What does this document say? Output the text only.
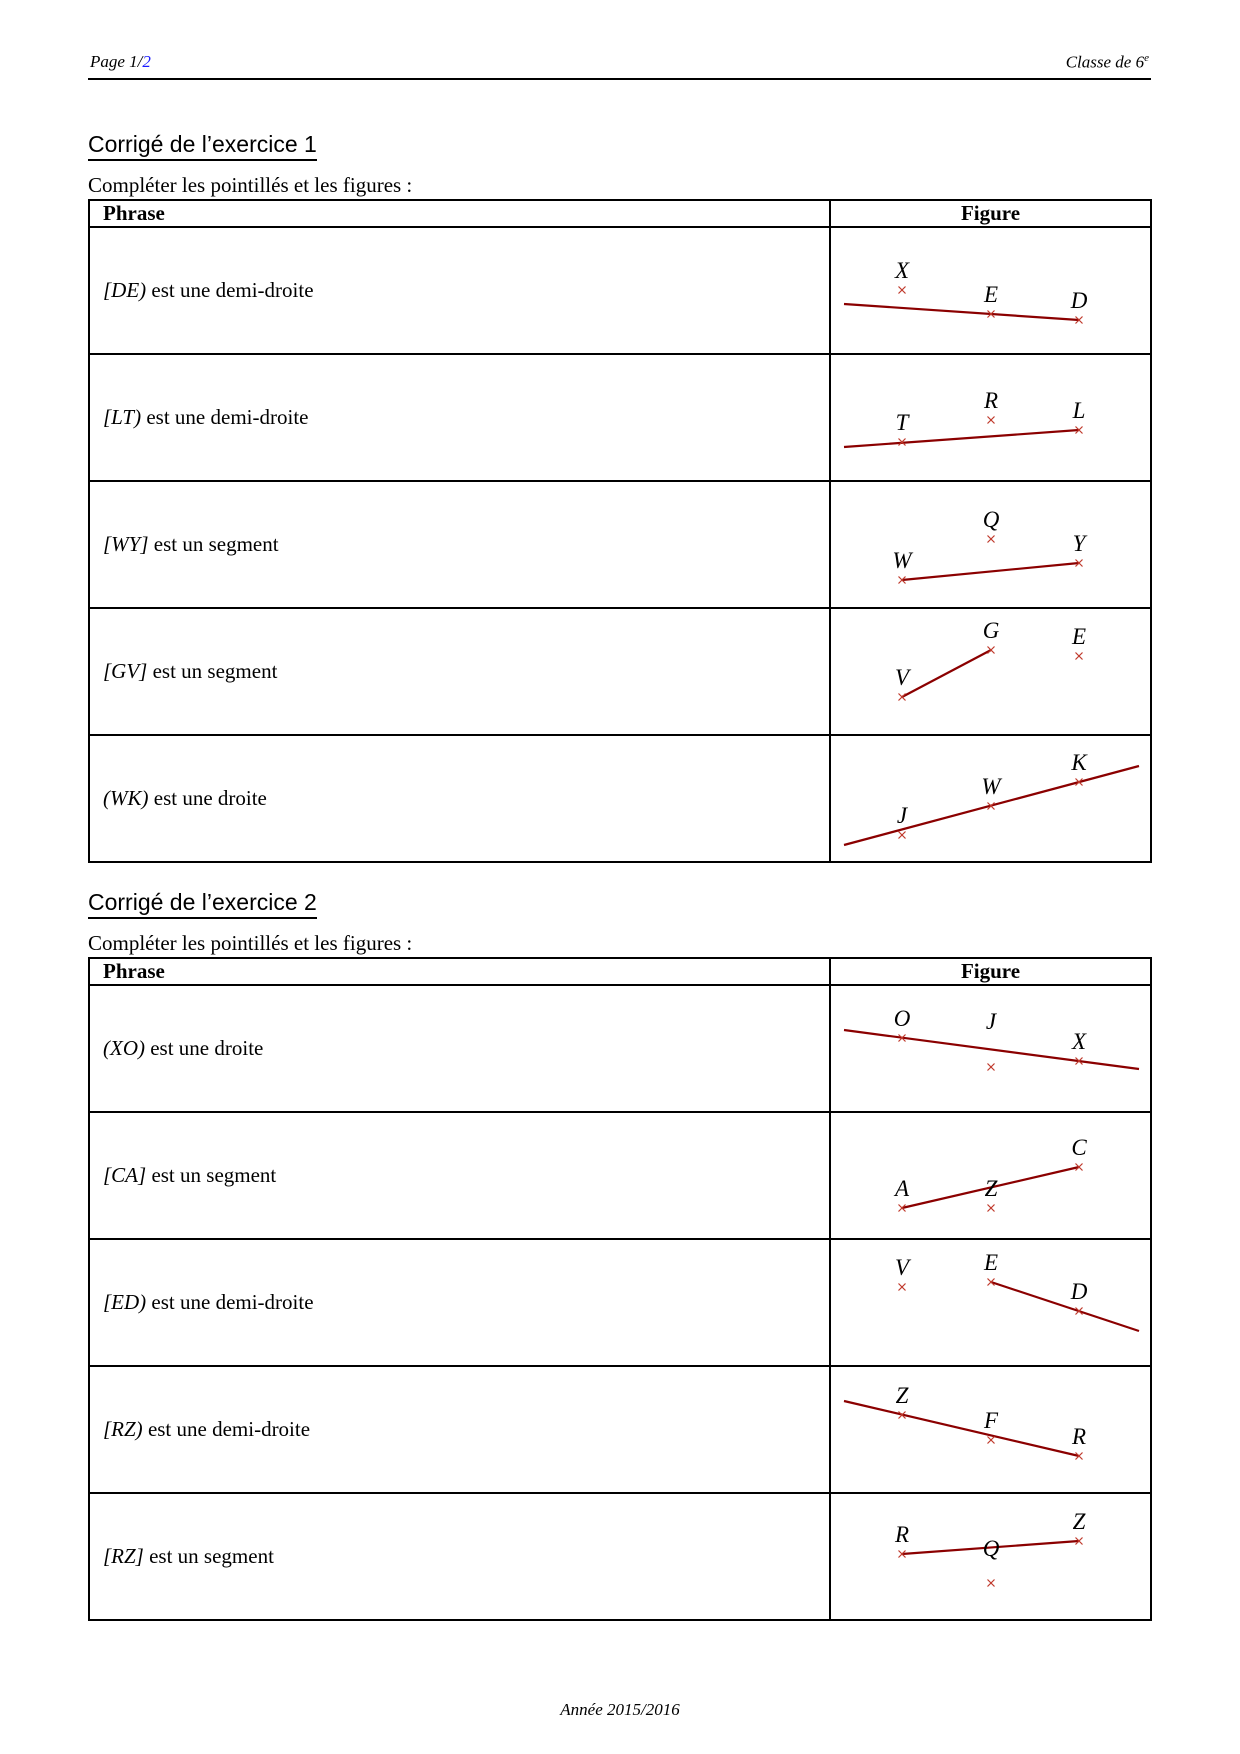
Page 1/2	Classe de 6e
Corrigé de l’exercice 1
Compléter les pointillés et les figures :
Phrase	Figure
[DE) est une demi-droite	X
E D

[LT) est une demi-droite	T
R L

[WY] est un segment	W
Q
Y

[GV] est un segment	V
G E

(WK) est une droite	J
W
K
Corrigé de l’exercice 2
Compléter les pointillés et les figures :
Phrase	Figure
(XO) est une droite	O J
X

[CA] est un segment	A Z
C

[ED) est une demi-droite	V E
D

[RZ) est une demi-droite	Z
F
R

[RZ] est un segment	R
Z
Q
Année 2015/2016
